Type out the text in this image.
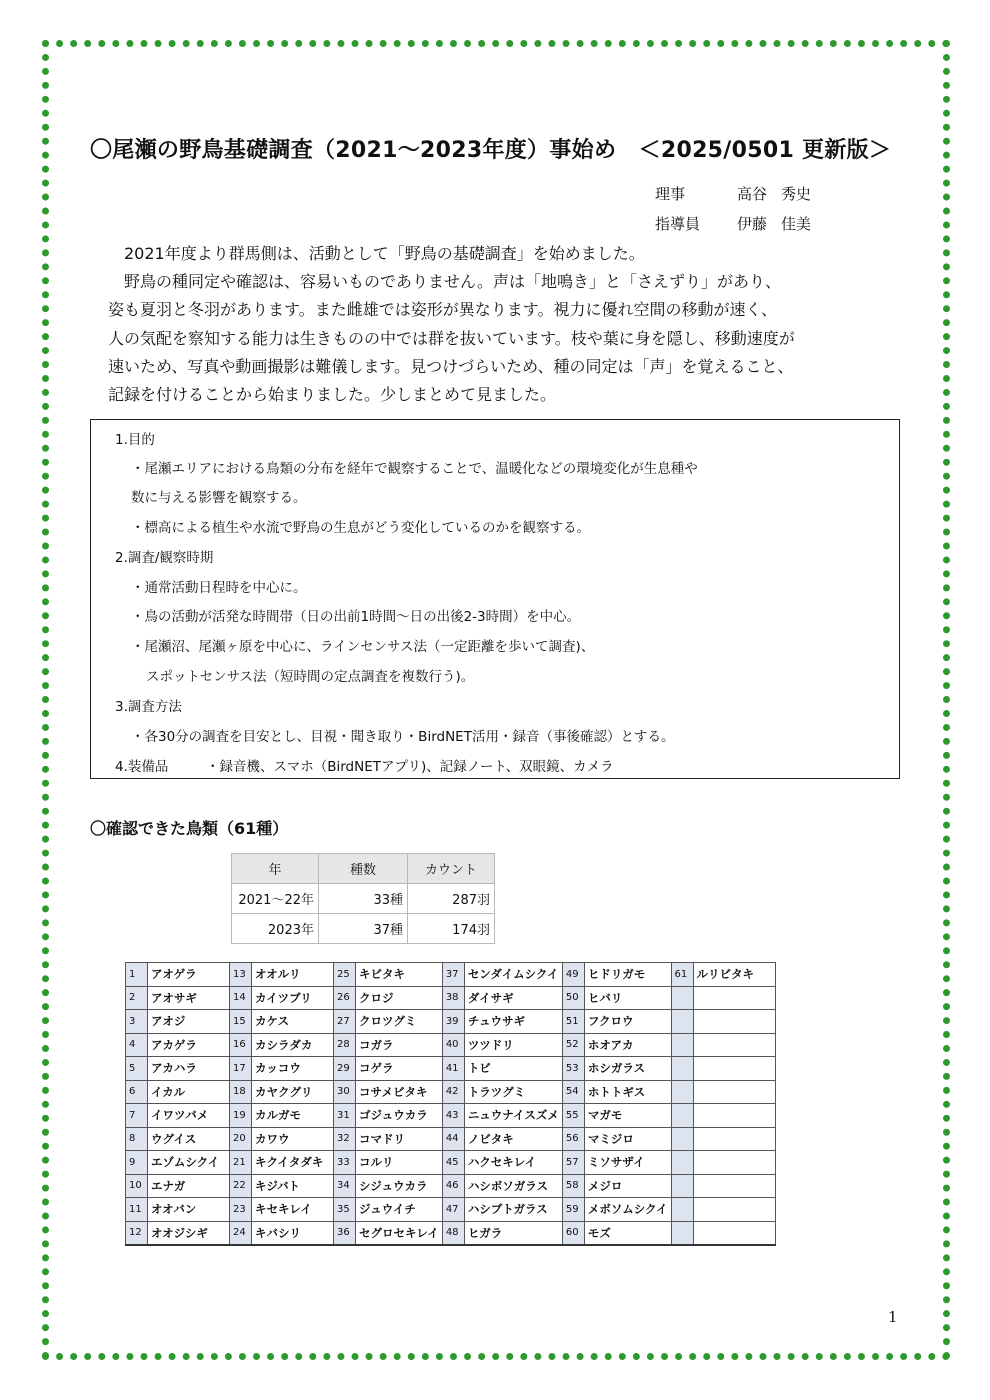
〇尾瀬の野鳥基礎調査（2021～2023年度）事始め　＜2025/0501 更新版＞
理事	高谷 秀史
指導員 伊藤 佳美
　2021年度より群馬側は、活動として「野鳥の基礎調査」を始めました。
　野鳥の種同定や確認は、容易いものでありません。声は「地鳴き」と「さえずり」があり、
姿も夏羽と冬羽があります。また雌雄では姿形が異なります。視力に優れ空間の移動が速く、
人の気配を察知する能力は生きものの中では群を抜いています。枝や葉に身を隠し、移動速度が
速いため、写真や動画撮影は難儀します。見つけづらいため、種の同定は「声」を覚えること、
記録を付けることから始まりました。少しまとめて見ました。
1.目的
・尾瀬エリアにおける鳥類の分布を経年で観察することで、温暖化などの環境変化が生息種や
数に与える影響を観察する。
・標高による植生や水流で野鳥の生息がどう変化しているのかを観察する。
2.調査/観察時期
・通常活動日程時を中心に。
・鳥の活動が活発な時間帯（日の出前1時間～日の出後2-3時間）を中心。
・尾瀬沼、尾瀬ヶ原を中心に、ラインセンサス法（一定距離を歩いて調査)、
スポットセンサス法（短時間の定点調査を複数行う)。
3.調査方法
・各30分の調査を目安とし、目視・聞き取り・BirdNET活用・録音（事後確認）とする。
4.装備品	・録音機、スマホ（BirdNETアプリ)、記録ノート、双眼鏡、カメラ
〇確認できた鳥類（61種）
年	種数	カウント
2021～22年	33種	287羽
2023年	37種	174羽
1	アオゲラ	13	オオルリ	25	キビタキ	37	センダイムシクイ	49	ヒドリガモ	61	ルリビタキ
2	アオサギ	14	カイツブリ	26	クロジ	38	ダイサギ	50	ヒバリ		
3	アオジ	15	カケス	27	クロツグミ	39	チュウサギ	51	フクロウ		
4	アカゲラ	16	カシラダカ	28	コガラ	40	ツツドリ	52	ホオアカ		
5	アカハラ	17	カッコウ	29	コゲラ	41	トビ	53	ホシガラス		
6	イカル	18	カヤクグリ	30	コサメビタキ	42	トラツグミ	54	ホトトギス		
7	イワツバメ	19	カルガモ	31	ゴジュウカラ	43	ニュウナイスズメ	55	マガモ		
8	ウグイス	20	カワウ	32	コマドリ	44	ノビタキ	56	マミジロ		
9	エゾムシクイ	21	キクイタダキ	33	コルリ	45	ハクセキレイ	57	ミソサザイ		
10	エナガ	22	キジバト	34	シジュウカラ	46	ハシボソガラス	58	メジロ		
11	オオバン	23	キセキレイ	35	ジュウイチ	47	ハシブトガラス	59	メボソムシクイ		
12	オオジシギ	24	キバシリ	36	セグロセキレイ	48	ヒガラ	60	モズ		
1
